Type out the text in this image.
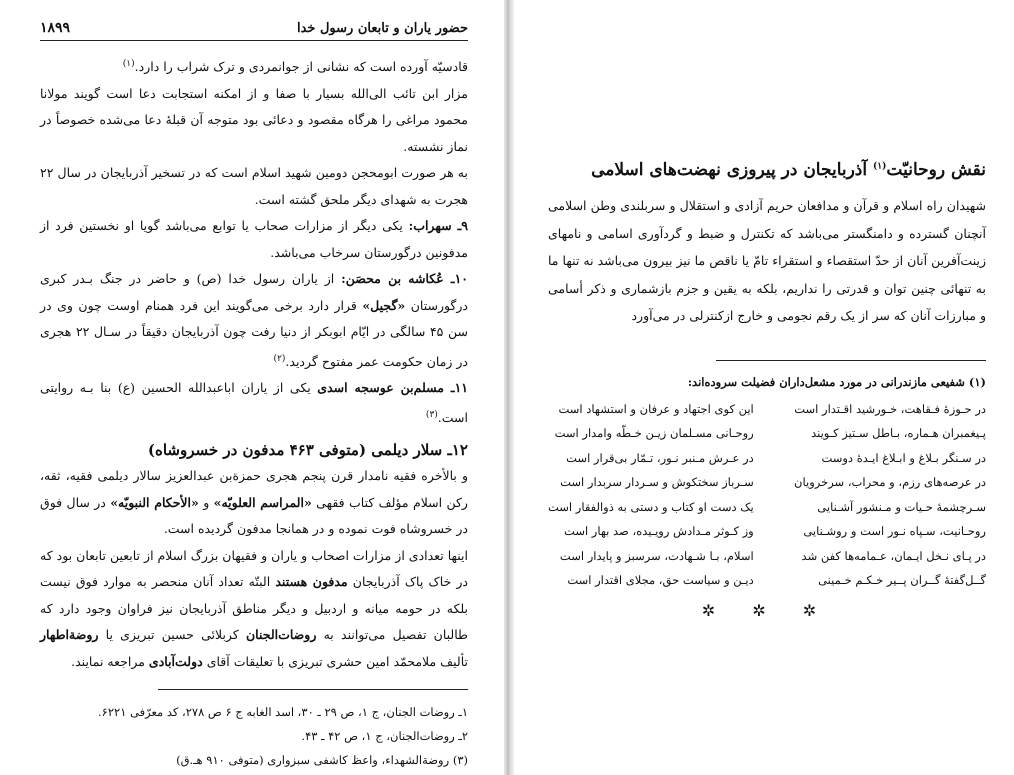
حضور یاران و تابعان رسول خدا
۱۸۹۹

قادسیّه آورده است که نشانی از جوانمردی و ترک شراب را دارد.$^{(۱)}$

مزار ابن تائب الی‌الله بسیار با صفا و از امکنه استجابت دعا است گویند مولانا محمود مراغی را هرگاه مقصود و دعائی بود متوجه آن قبلهٔ دعا می‌شده خصوصاً در نماز نشسته.

به هر صورت ابومحجن دومین شهید اسلام است که در تسخیر آذربایجان در سال ۲۲ هجرت به شهدای دیگر ملحق گشته است.

۹ـ سهراب: یکی دیگر از مزارات صحاب یا توابع می‌باشد گویا او نخستین فرد از مدفونین درگورستان سرخاب می‌باشد.

۱۰ـ عُکاشه بن محصَن: از یاران رسول خدا (ص) و حاضر در جنگ بـدر کبری درگورستان «گجیل» قرار دارد برخی می‌گویند این فرد همنام اوست چون وی در سن ۴۵ سالگی در ایّام ابوبکر از دنیا رفت چون آذربایجان دقیقاً در سـال ۲۲ هجری در زمان حکومت عمر مفتوح گردید.$^{(۲)}$

۱۱ـ مسلم‌بن عوسجه اسدی یکی از یاران اباعبدالله الحسین (ع) بنا بـه روایتی است.$^{(۳)}$

۱۲ـ سلار دیلمی (متوفی ۴۶۳ مدفون در خسروشاه)

و بالأخره فقیه نامدار قرن پنجم هجری حمزةبن عبدالعزیز سالار دیلمی فقیه، ثقه، رکن اسلام مؤلف کتاب فقهی «المراسم العلویّه» و «الأحکام النبویّه» در سال فوق در خسروشاه فوت نموده و در همانجا مدفون گردیده است.

اینها تعدادی از مزارات اصحاب و یاران و فقیهان بزرگ اسلام از تابعین تابعان بود که در خاک پاک آذربایجان مدفون هستند البتّه تعداد آنان منحصر به موارد فوق نیست بلکه در حومه میانه و اردبیل و دیگر مناطق آذربایجان نیز فراوان وجود دارد که طالبان تفصیل می‌توانند به روضات‌الجنان کربلائی حسین تبریزی یا روضةاطهار تألیف ملامحمّد امین حشری تبریزی با تعلیقات آقای دولت‌آبادی مراجعه نمایند.

۱ـ روضات الجنان، ج ۱، ص ۲۹ ـ ۳۰، اسد الغابه ج ۶ ص ۲۷۸، کد معرّفی ۶۲۲۱.
۲ـ روضات‌الجنان، ج ۱، ص ۴۲ ـ ۴۳.
(۳) روضةالشهداء، واعظ کاشفی سبزواری (متوفی ۹۱۰ هـ.ق)
نقش روحانیّت$^{(۱)}$ آذربایجان در پیروزی نهضت‌های اسلامی

شهیدان راه اسلام و قرآن و مدافعان حریم آزادی و استقلال و سربلندی وطن اسلامی آنچنان گسترده و دامنگستر می‌باشد که تکنترل و ضبط و گردآوری اسامی و نامهای زینت‌آفرین آنان از حدّ استقصاء و استقراء تامّ یا ناقص ما نیز بیرون می‌باشد نه تنها ما به تنهائی چنین توان و قدرتی را نداریم، بلکه به یقین و جزم بازشماری و ذکر أسامی و مبارزات آنان که سر از یک رقم نجومی و خارج ازکنترلی در می‌آورد

(۱) شفیعی مازندرانی در مورد مشعل‌داران فضیلت سروده‌اند:
در حـوزهٔ فـقاهت، خـورشید اقـتدار است
این کوی اجتهاد و عرفان و استشهاد است
پـیغمبران هـماره، بـاطل سـتیز کـویند
روحـانی مسـلمان زیـن خـطّه وامدار است
در سـنگر بـلاغ و ابـلاغ ایـدهٔ دوست
در عـرش مـنبر نـور، تـمّار بی‌قرار است
در عرصه‌های رزم، و محراب، سرخرویان
سـرباز سختکوش و سـردار سربدار است
سـرچشمهٔ حـیات و مـنشور آشـنایی
یک دست او کتاب و دستی به ذوالفقار است
روحـانیت، سـپاه نـور است و روشـنایی
وز کـوثر مـدادش رویـیده، صد بهار است
در پـای نـخل ایـمان، عـمامه‌ها کفن شد
اسلام، بـا شـهادت، سرسبز و پایدار است
گــل‌گفتهٔ گــران پــیر خـکـم خـمینی
دیـن و سیاست حق، مجلای اقتدار است
✲ ✲ ✲
